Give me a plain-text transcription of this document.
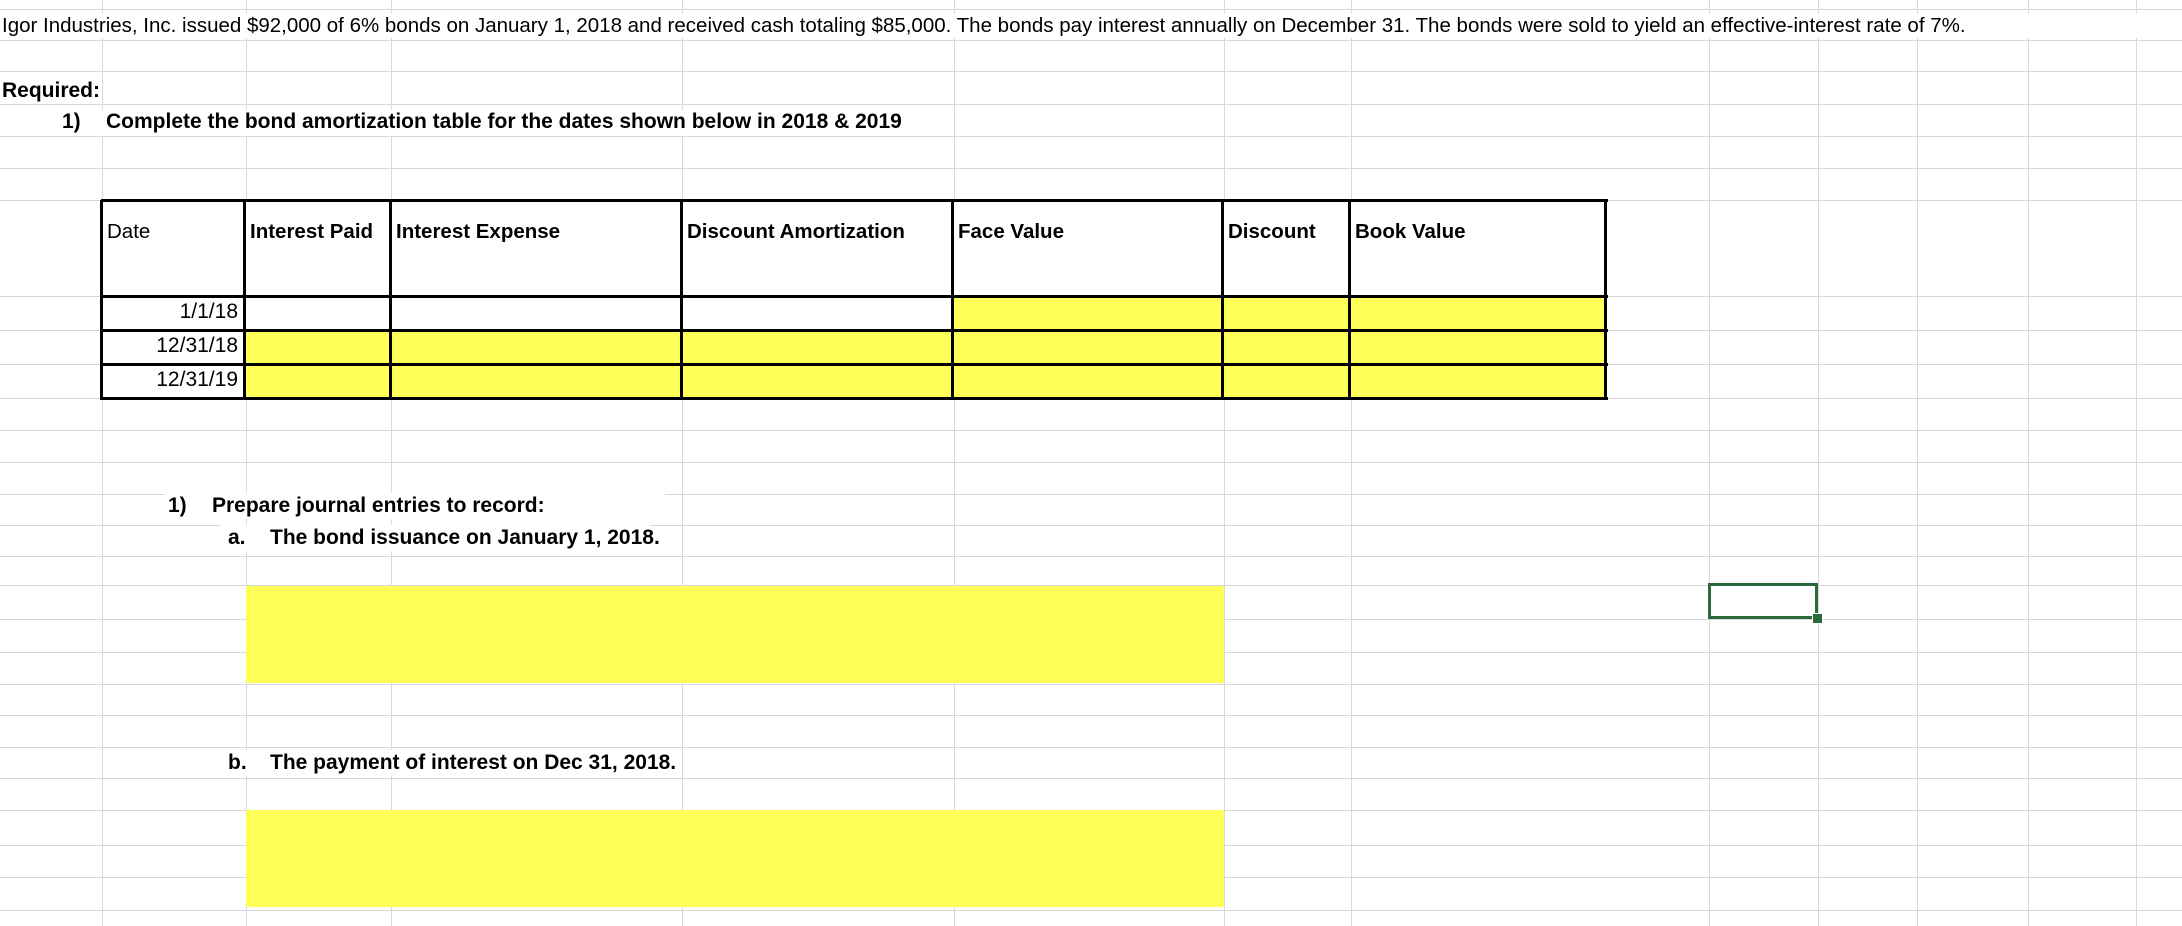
Igor Industries, Inc. issued $92,000 of 6% bonds on January 1, 2018 and received cash totaling $85,000. The bonds pay interest annually on December 31. The bonds were sold to yield an effective-interest rate of 7%.
Required:
1) Complete the bond amortization table for the dates shown below in 2018 & 2019
Date	Interest Paid	Interest Expense	Discount Amortization	Face Value	Discount	Book Value
1/1/18
12/31/18
12/31/19
1) Prepare journal entries to record:
a. The bond issuance on January 1, 2018.
b. The payment of interest on Dec 31, 2018.
